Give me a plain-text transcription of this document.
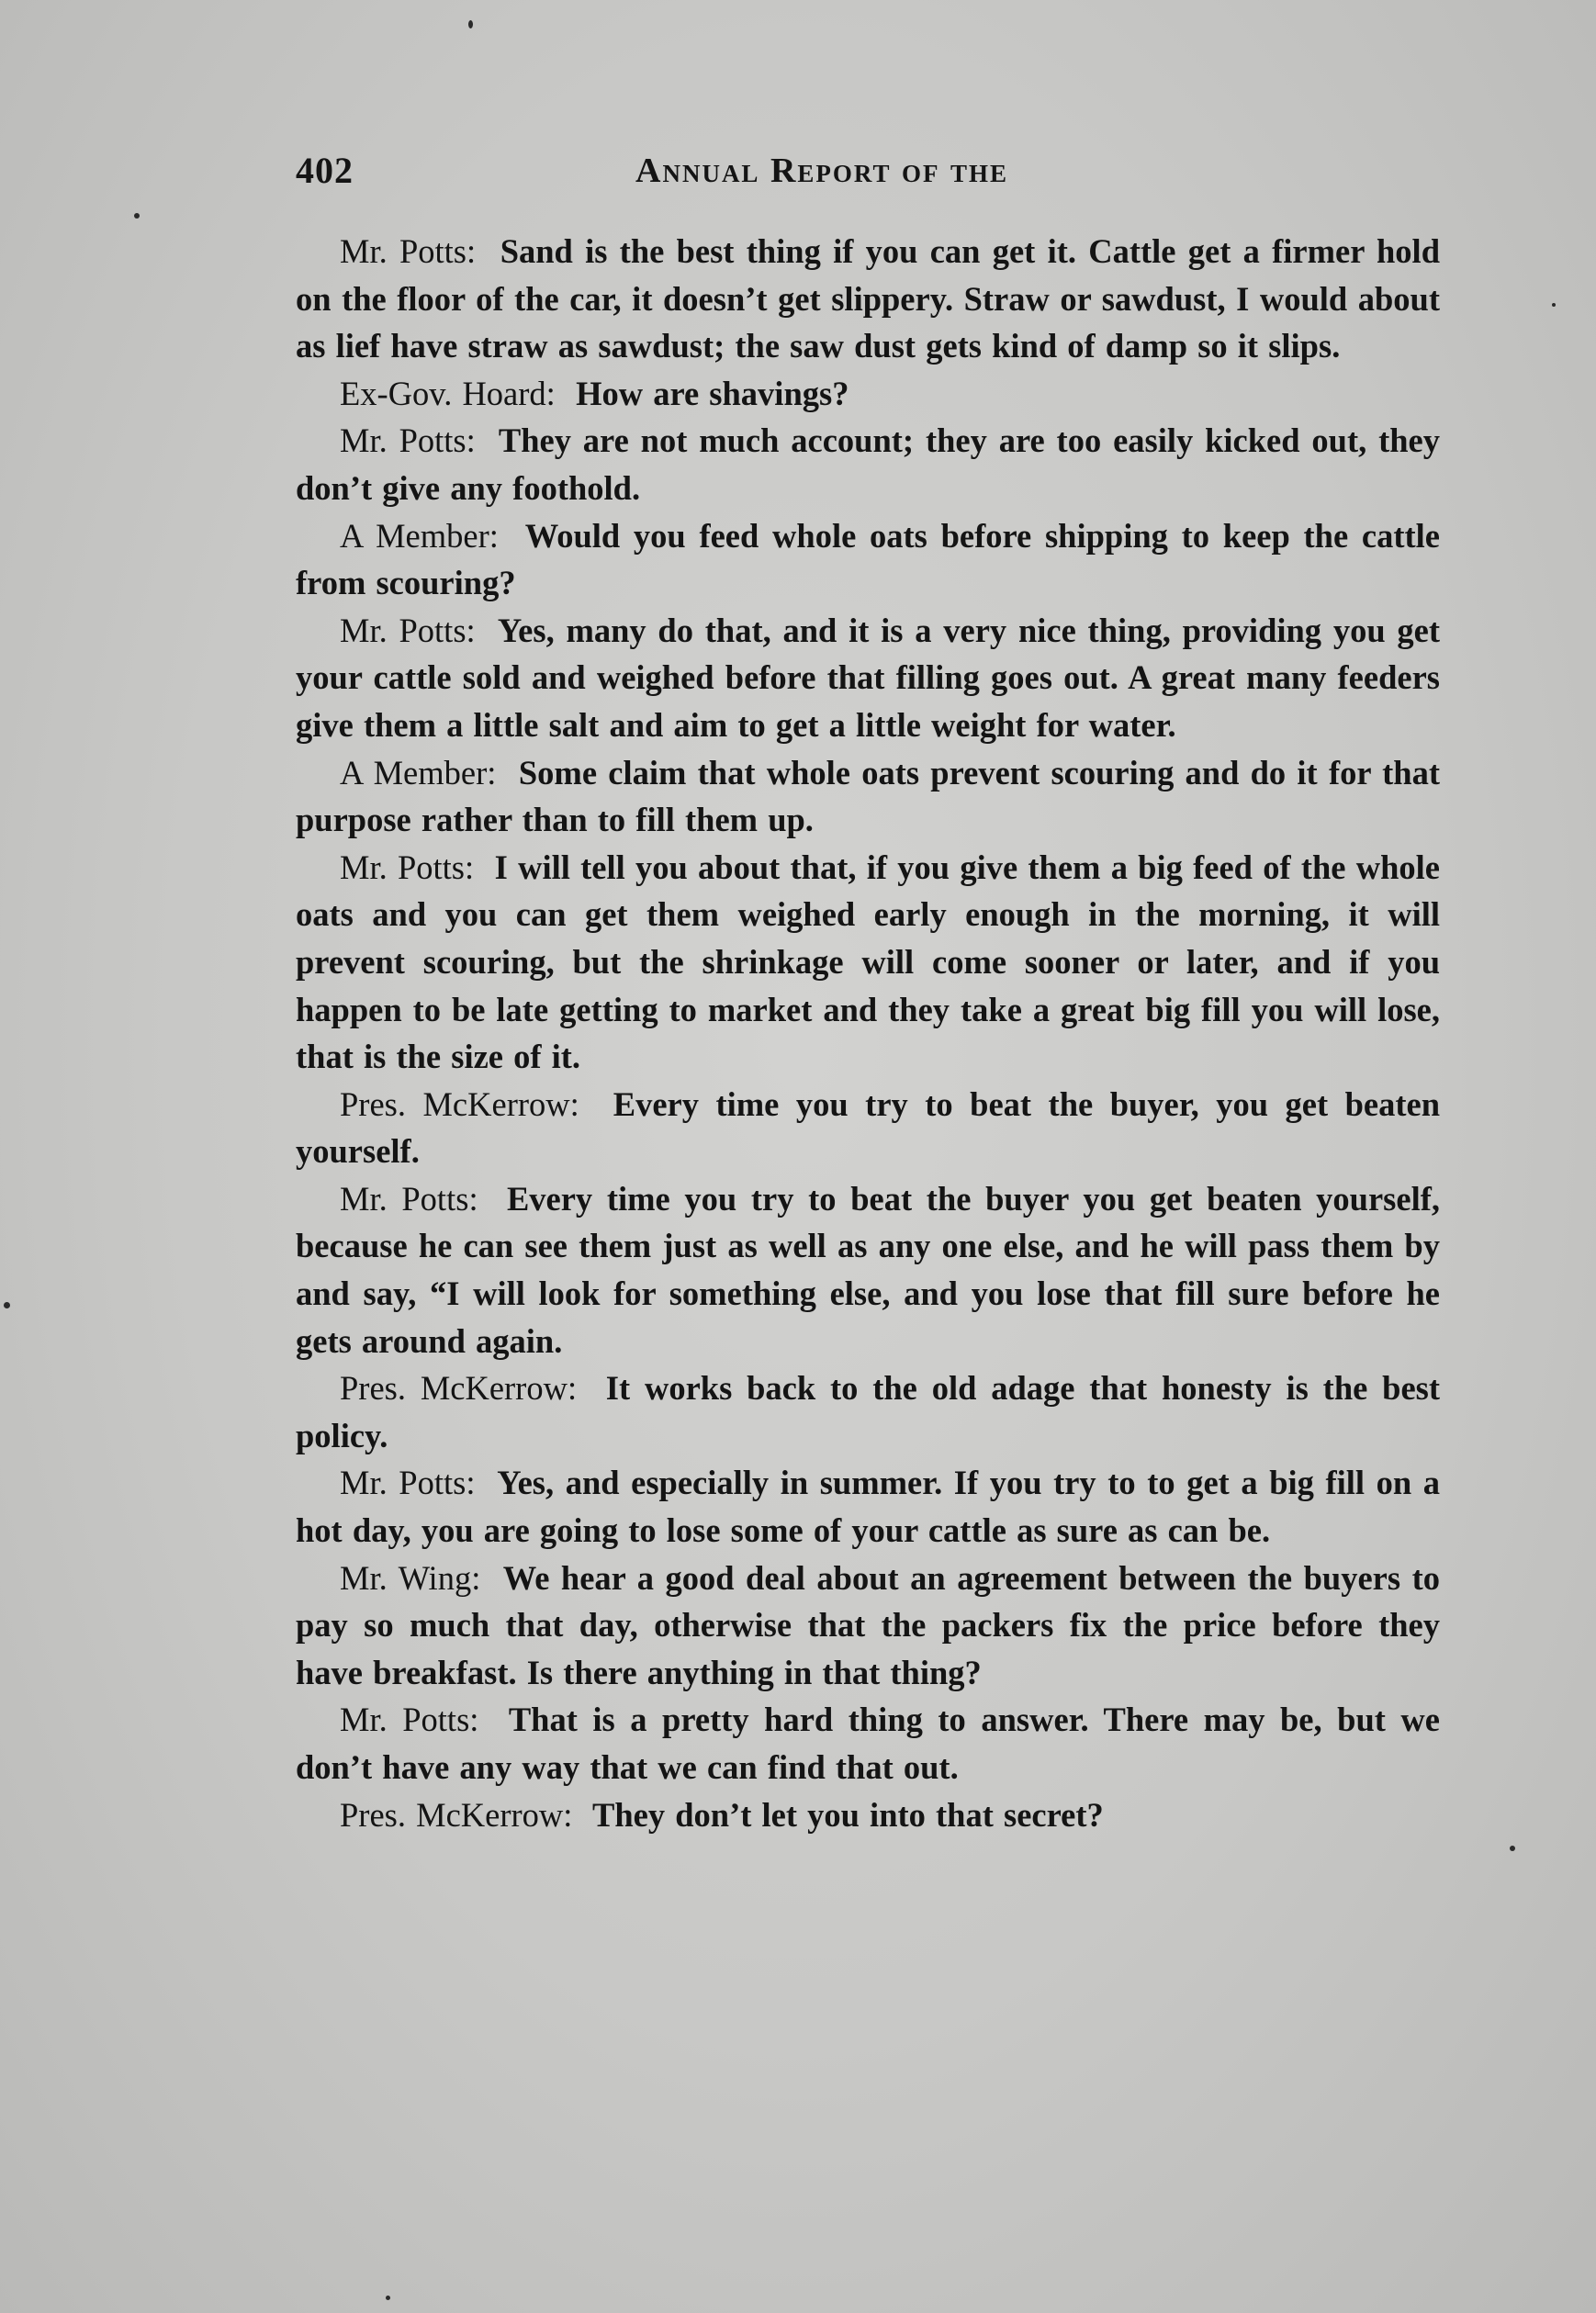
402	Annual Report of the

Mr. Potts: Sand is the best thing if you can get it. Cattle get a firmer hold on the floor of the car, it doesn’t get slippery. Straw or sawdust, I would about as lief have straw as sawdust; the saw dust gets kind of damp so it slips.

Ex-Gov. Hoard: How are shavings?

Mr. Potts: They are not much account; they are too easily kicked out, they don’t give any foothold.

A Member: Would you feed whole oats before shipping to keep the cattle from scouring?

Mr. Potts: Yes, many do that, and it is a very nice thing, providing you get your cattle sold and weighed before that filling goes out. A great many feeders give them a little salt and aim to get a little weight for water.

A Member: Some claim that whole oats prevent scouring and do it for that purpose rather than to fill them up.

Mr. Potts: I will tell you about that, if you give them a big feed of the whole oats and you can get them weighed early enough in the morning, it will prevent scouring, but the shrinkage will come sooner or later, and if you happen to be late getting to market and they take a great big fill you will lose, that is the size of it.

Pres. McKerrow: Every time you try to beat the buyer, you get beaten yourself.

Mr. Potts: Every time you try to beat the buyer you get beaten yourself, because he can see them just as well as any one else, and he will pass them by and say, “I will look for something else, and you lose that fill sure before he gets around again.

Pres. McKerrow: It works back to the old adage that honesty is the best policy.

Mr. Potts: Yes, and especially in summer. If you try to to get a big fill on a hot day, you are going to lose some of your cattle as sure as can be.

Mr. Wing: We hear a good deal about an agreement between the buyers to pay so much that day, otherwise that the packers fix the price before they have breakfast. Is there anything in that thing?

Mr. Potts: That is a pretty hard thing to answer. There may be, but we don’t have any way that we can find that out.

Pres. McKerrow: They don’t let you into that secret?
